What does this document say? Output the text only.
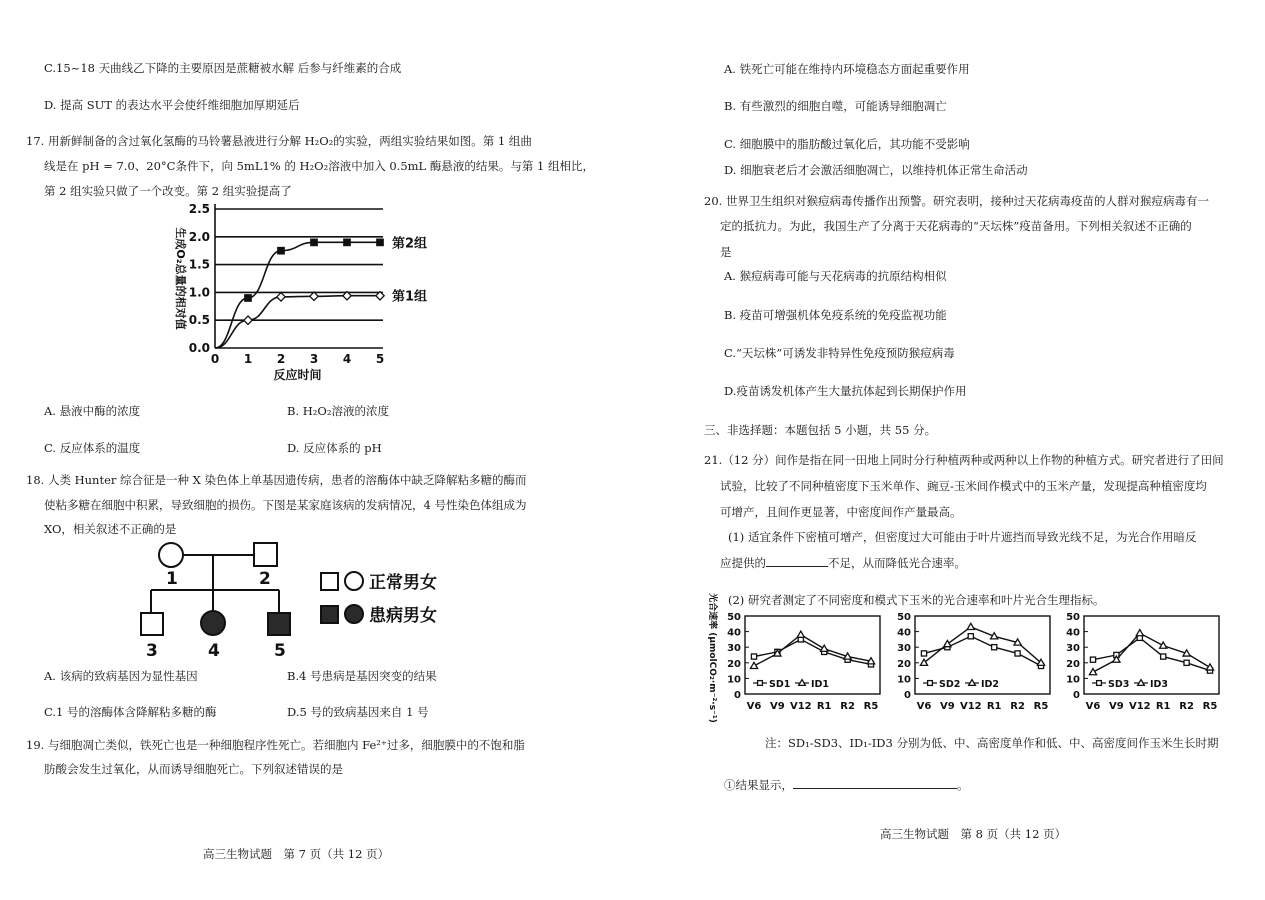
C.15~18 天曲线乙下降的主要原因是蔗糖被水解 后参与纤维素的合成
D. 提高 SUT 的表达水平会使纤维细胞加厚期延后
17. 用新鲜制备的含过氧化氢酶的马铃薯悬液进行分解 H₂O₂的实验，两组实验结果如图。第 1 组曲
线是在 pH = 7.0、20°C条件下，向 5mL1% 的 H₂O₂溶液中加入 0.5mL 酶悬液的结果。与第 1 组相比，
第 2 组实验只做了一个改变。第 2 组实验提高了
0.0
0.5
1.0
1.5
2.0
2.5
0 1 2 3 4 5
反应时间
生成O₂总量的相对值	第2组
第1组
A. 悬液中酶的浓度	B. H₂O₂溶液的浓度
C. 反应体系的温度	D. 反应体系的 pH
18. 人类 Hunter 综合征是一种 X 染色体上单基因遗传病，患者的溶酶体中缺乏降解粘多糖的酶而
使粘多糖在细胞中积累，导致细胞的损伤。下图是某家庭该病的发病情况，4 号性染色体组成为
XO，相关叙述不正确的是
1	2
3	4	5
正常男女
患病男女
A. 该病的致病基因为显性基因	B.4 号患病是基因突变的结果
C.1 号的溶酶体含降解粘多糖的酶	D.5 号的致病基因来自 1 号
19. 与细胞凋亡类似，铁死亡也是一种细胞程序性死亡。若细胞内 Fe²⁺过多，细胞膜中的不饱和脂
肪酸会发生过氧化，从而诱导细胞死亡。下列叙述错误的是
高三生物试题　第 7 页（共 12 页）
A. 铁死亡可能在维持内环境稳态方面起重要作用
B. 有些激烈的细胞自噬，可能诱导细胞凋亡
C. 细胞膜中的脂肪酸过氧化后，其功能不受影响
D. 细胞衰老后才会激活细胞凋亡，以维持机体正常生命活动
20. 世界卫生组织对猴痘病毒传播作出预警。研究表明，接种过天花病毒疫苗的人群对猴痘病毒有一
定的抵抗力。为此，我国生产了分离于天花病毒的“天坛株”疫苗备用。下列相关叙述不正确的
是
A. 猴痘病毒可能与天花病毒的抗原结构相似
B. 疫苗可增强机体免疫系统的免疫监视功能
C.“天坛株”可诱发非特异性免疫预防猴痘病毒
D.疫苗诱发机体产生大量抗体起到长期保护作用
三、非选择题：本题包括 5 小题，共 55 分。
21.（12 分）间作是指在同一田地上同时分行种植两种或两种以上作物的种植方式。研究者进行了田间
试验，比较了不同种植密度下玉米单作、豌豆-玉米间作模式中的玉米产量，发现提高种植密度均
可增产，且间作更显著，中密度间作产量最高。
(1) 适宜条件下密植可增产，但密度过大可能由于叶片遮挡而导致光线不足，为光合作用暗反
应提供的	不足，从而降低光合速率。
(2) 研究者测定了不同密度和模式下玉米的光合速率和叶片光合生理指标。
光合速率 (μmolCO₂·m⁻²·s⁻¹) 0
10
20
30
40
50
V6 V9 V12 R1 R2 R5
SD1 ID1
0
10
20
30
40
50
V6 V9 V12 R1 R2 R5
SD2 ID2
0
10
20
30
40
50
V6 V9 V12 R1 R2 R5
SD3 ID3
注：SD₁-SD3、ID₁-ID3 分别为低、中、高密度单作和低、中、高密度间作玉米生长时期
①结果显示，	。
高三生物试题　第 8 页（共 12 页）
